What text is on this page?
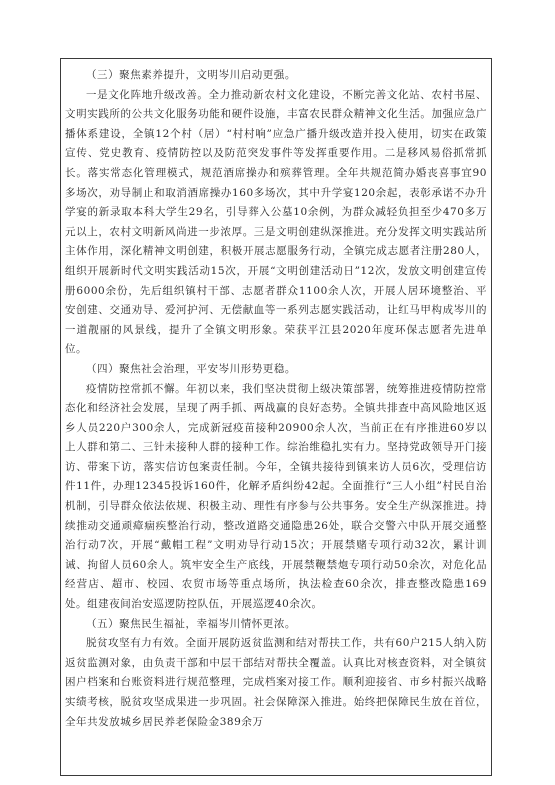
（三）聚焦素养提升，文明岑川启动更强。

一是文化阵地升级改善。全力推动新农村文化建设，不断完善文化站、农村书屋、文明实践所的公共文化服务功能和硬件设施，丰富农民群众精神文化生活。加强应急广播体系建设，全镇12个村（居）“村村响”应急广播升级改造并投入使用，切实在政策宣传、党史教育、疫情防控以及防范突发事件等发挥重要作用。二是移风易俗抓常抓长。落实常态化管理模式，规范酒席操办和殡葬管理。全年共规范简办婚丧喜事宜90多场次，劝导制止和取消酒席操办160多场次，其中升学宴120余起，表彰承诺不办升学宴的新录取本科大学生29名，引导葬入公墓10余例，为群众减轻负担至少470多万元以上，农村文明新风尚进一步浓厚。三是文明创建纵深推进。充分发挥文明实践站所主体作用，深化精神文明创建，积极开展志愿服务行动，全镇完成志愿者注册280人，组织开展新时代文明实践活动15次，开展“文明创建活动日”12次，发放文明创建宣传册6000余份，先后组织镇村干部、志愿者群众1100余人次，开展人居环境整治、平安创建、交通劝导、爱河护河、无偿献血等一系列志愿实践活动，让红马甲构成岑川的一道靓丽的风景线，提升了全镇文明形象。荣获平江县2020年度环保志愿者先进单位。

（四）聚焦社会治理，平安岑川形势更稳。

疫情防控常抓不懈。年初以来，我们坚决贯彻上级决策部署，统筹推进疫情防控常态化和经济社会发展，呈现了两手抓、两战赢的良好态势。全镇共排查中高风险地区返乡人员220户300余人，完成新冠疫苗接种20900余人次，当前正在有序推进60岁以上人群和第二、三针未接种人群的接种工作。综治维稳扎实有力。坚持党政领导开门接访、带案下访，落实信访包案责任制。今年，全镇共接待到镇来访人员6次，受理信访件11件，办理12345投诉160件，化解矛盾纠纷42起。全面推行“三人小组”村民自治机制，引导群众依法依规、积极主动、理性有序参与公共事务。安全生产纵深推进。持续推动交通顽瘴痼疾整治行动，整改道路交通隐患26处，联合交警六中队开展交通整治行动7次，开展“戴帽工程”文明劝导行动15次；开展禁赌专项行动32次，累计训诫、拘留人员60余人。筑牢安全生产底线，开展禁鞭禁炮专项行动50余次，对危化品经营店、超市、校园、农贸市场等重点场所，执法检查60余次，排查整改隐患169处。组建夜间治安巡逻防控队伍，开展巡逻40余次。

（五）聚焦民生福祉，幸福岑川情怀更浓。

脱贫攻坚有力有效。全面开展防返贫监测和结对帮扶工作，共有60户215人纳入防返贫监测对象，由负责干部和中层干部结对帮扶全覆盖。认真比对核查资料，对全镇贫困户档案和台账资料进行规范整理，完成档案对接工作。顺利迎接省、市乡村振兴战略实绩考核，脱贫攻坚成果进一步巩固。社会保障深入推进。始终把保障民生放在首位，全年共发放城乡居民养老保险金389余万
